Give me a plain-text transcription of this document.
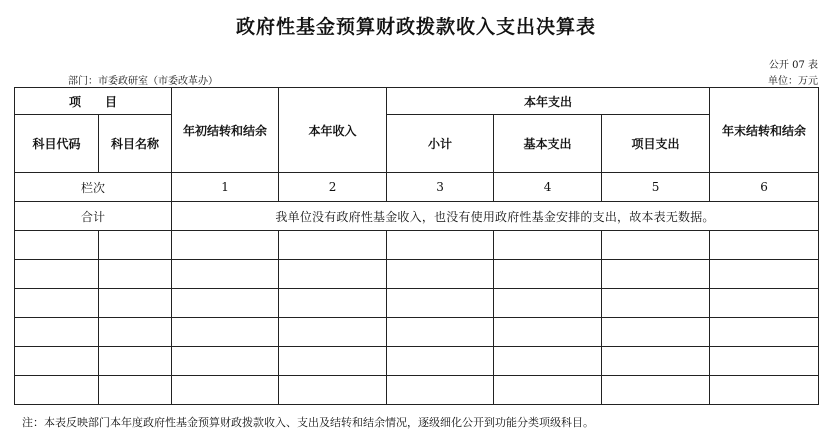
政府性基金预算财政拨款收入支出决算表
公开 07 表
部门：市委政研室（市委改革办）	单位：万元
项　　目		年初结转和结余	本年收入	本年支出			年末结转和结余
科目代码	科目名称			小计	基本支出	项目支出	

栏次		1	2	3	4	5	6
合计		我单位没有政府性基金收入，也没有使用政府性基金安排的支出，故本表无数据。					

注：本表反映部门本年度政府性基金预算财政拨款收入、支出及结转和结余情况，逐级细化公开到功能分类项级科目。
